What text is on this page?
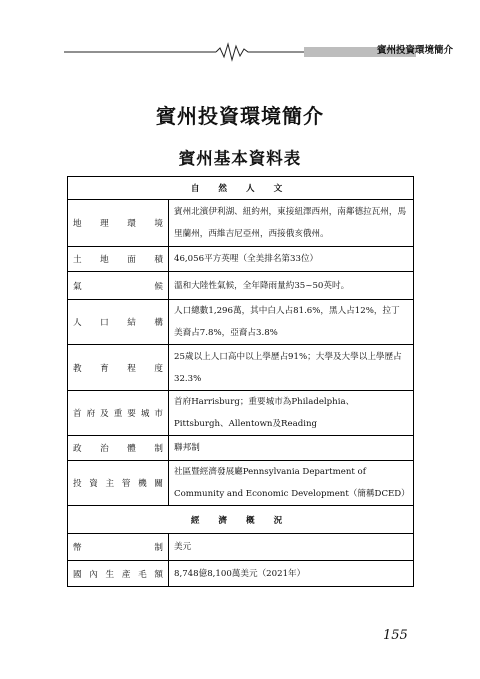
賓州投資環境簡介
賓州投資環境簡介
賓州基本資料表
自 然 人 文	
地理環境	賓州北濱伊利湖、紐約州，東接紐澤西州，南鄰德拉瓦州，馬里蘭州，西維吉尼亞州，西接俄亥俄州。
土地面積	46,056平方英哩（全美排名第33位）
氣候	溫和大陸性氣候，全年降雨量約35~50英吋。
人口結構	人口總數1,296萬，其中白人占81.6%，黑人占12%，拉丁美裔占7.8%，亞裔占3.8%
教育程度	25歲以上人口高中以上學歷占91%；大學及大學以上學歷占32.3%
首府及重要城市	首府Harrisburg；重要城市為Philadelphia、Pittsburgh、Allentown及Reading
政治體制	聯邦制
投資主管機關	社區暨經濟發展廳Pennsylvania Department of Community and Economic Development（簡稱DCED）
經 濟 概 況	
幣制	美元
國內生產毛額	8,748億8,100萬美元（2021年）
155
